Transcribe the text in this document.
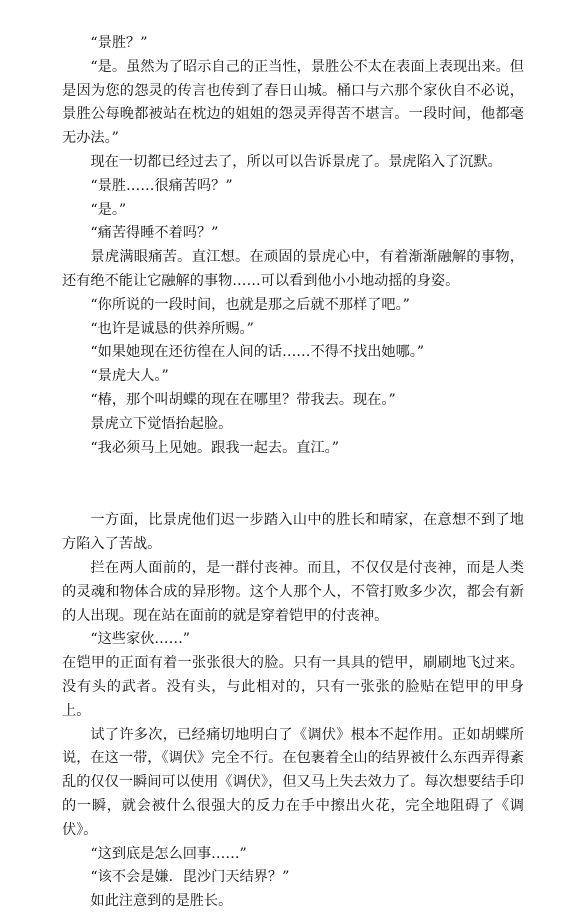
“景胜？”

“是。虽然为了昭示自己的正当性，景胜公不太在表面上表现出来。但是因为您的怨灵的传言也传到了春日山城。桶口与六那个家伙自不必说，景胜公每晚都被站在枕边的姐姐的怨灵弄得苦不堪言。一段时间，他都毫无办法。”

现在一切都已经过去了，所以可以告诉景虎了。景虎陷入了沉默。

“景胜……很痛苦吗？”

“是。”

“痛苦得睡不着吗？”

景虎满眼痛苦。直江想。在顽固的景虎心中，有着渐渐融解的事物，还有绝不能让它融解的事物……可以看到他小小地动摇的身姿。

“你所说的一段时间，也就是那之后就不那样了吧。”

“也许是诚恳的供养所赐。”

“如果她现在还彷徨在人间的话……不得不找出她哪。”

“景虎大人。”

“椿，那个叫胡蝶的现在在哪里？带我去。现在。”

景虎立下觉悟抬起脸。

“我必须马上见她。跟我一起去。直江。”

一方面，比景虎他们迟一步踏入山中的胜长和晴家，在意想不到了地方陷入了苦战。

拦在两人面前的，是一群付丧神。而且，不仅仅是付丧神，而是人类的灵魂和物体合成的异形物。这个人那个人，不管打败多少次，都会有新的人出现。现在站在面前的就是穿着铠甲的付丧神。

“这些家伙……”

在铠甲的正面有着一张张很大的脸。只有一具具的铠甲，刷刷地飞过来。没有头的武者。没有头，与此相对的，只有一张张的脸贴在铠甲的甲身上。

试了许多次，已经痛切地明白了《调伏》根本不起作用。正如胡蝶所说，在这一带，《调伏》完全不行。在包裹着全山的结界被什么东西弄得紊乱的仅仅一瞬间可以使用《调伏》，但又马上失去效力了。每次想要结手印的一瞬，就会被什么很强大的反力在手中擦出火花，完全地阻碍了《调伏》。

“这到底是怎么回事……”

“该不会是嫌．毘沙门天结界？”

如此注意到的是胜长。
